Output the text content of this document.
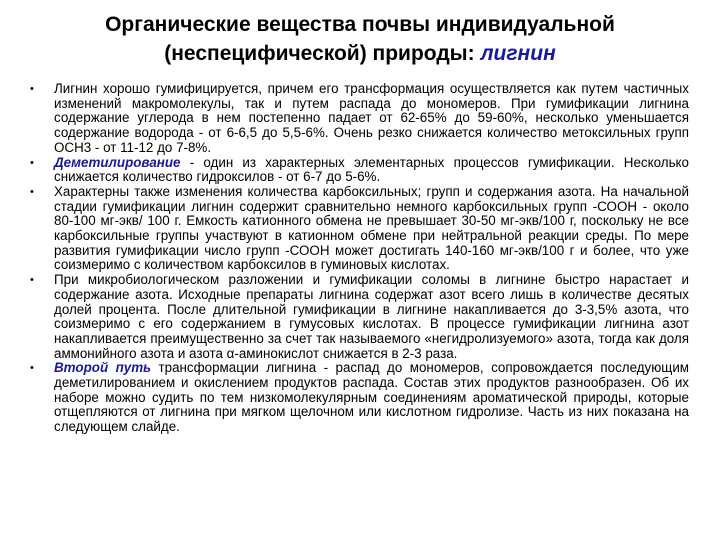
Органические вещества почвы индивидуальной
(неспецифической) природы: лигнин
• Лигнин хорошо гумифицируется, причем его трансформация осуществляется как путем частичных изменений макромолекулы, так и путем распада до мономеров. При гумификации лигнина содержание углерода в нем постепенно падает от 62-65% до 59-60%, несколько уменьшается содержание водорода - от 6-6,5 до 5,5-6%. Очень резко снижается количество метоксильных групп ОСН3 - от 11-12 до 7-8%.
• Деметилирование - один из характерных элементарных процессов гумификации. Несколько снижается количество гидроксилов - от 6-7 до 5-6%.
• Характерны также изменения количества карбоксильных; групп и содержания азота. На начальной стадии гумификации лигнин содержит сравнительно немного карбоксильных групп -СООН - около 80-100 мг-экв/ 100 г. Емкость катионного обмена не превышает 30-50 мг-экв/100 г, поскольку не все карбоксильные группы участвуют в катионном обмене при нейтральной реакции среды. По мере развития гумификации число групп -СООН может достигать 140-160 мг-экв/100 г и более, что уже соизмеримо с количеством карбоксилов в гуминовых кислотах.
• При микробиологическом разложении и гумификации соломы в лигнине быстро нарастает и содержание азота. Исходные препараты лигнина содержат азот всего лишь в количестве десятых долей процента. После длительной гумификации в лигнине накапливается до 3-3,5% азота, что соизмеримо с его содержанием в гумусовых кислотах. В процессе гумификации лигнина азот накапливается преимущественно за счет так называемого «негидролизуемого» азота, тогда как доля аммонийного азота и азота α-аминокислот снижается в 2-3 раза.
• Второй путь трансформации лигнина - распад до мономеров, сопровождается последующим деметилированием и окислением продуктов распада. Состав этих продуктов разнообразен. Об их наборе можно судить по тем низкомолекулярным соединениям ароматической природы, которые отщепляются от лигнина при мягком щелочном или кислотном гидролизе. Часть из них показана на следующем слайде.
